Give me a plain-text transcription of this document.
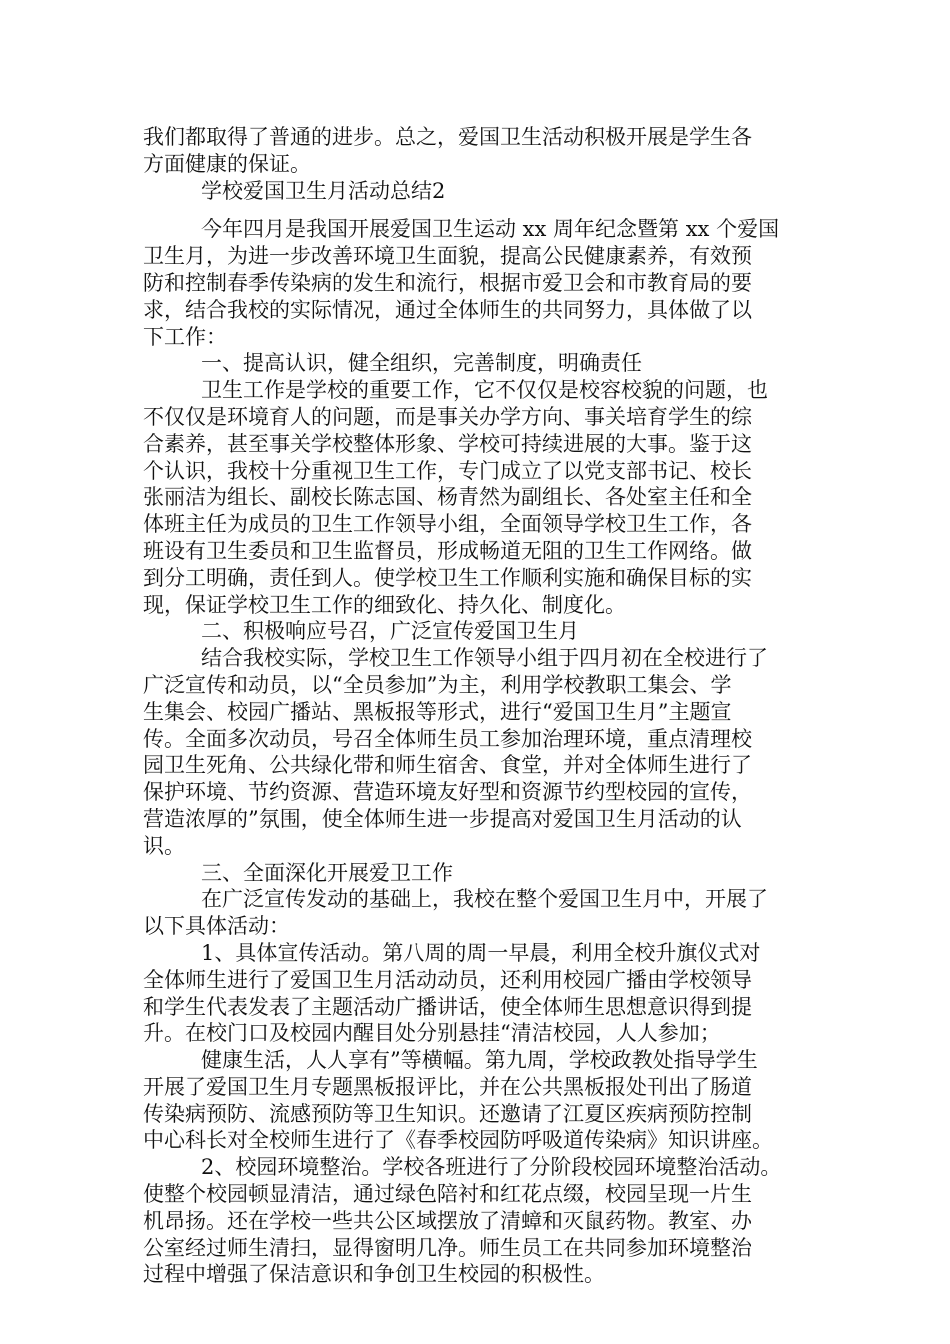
我们都取得了普通的进步。总之，爱国卫生活动积极开展是学生各
方面健康的保证。
学校爱国卫生月活动总结2
今年四月是我国开展爱国卫生运动 xx 周年纪念暨第 xx 个爱国
卫生月，为进一步改善环境卫生面貌，提高公民健康素养，有效预
防和控制春季传染病的发生和流行，根据市爱卫会和市教育局的要
求，结合我校的实际情况，通过全体师生的共同努力，具体做了以
下工作：
一、提高认识，健全组织，完善制度，明确责任
卫生工作是学校的重要工作，它不仅仅是校容校貌的问题，也
不仅仅是环境育人的问题，而是事关办学方向、事关培育学生的综
合素养，甚至事关学校整体形象、学校可持续进展的大事。鉴于这
个认识，我校十分重视卫生工作，专门成立了以党支部书记、校长
张丽洁为组长、副校长陈志国、杨青然为副组长、各处室主任和全
体班主任为成员的卫生工作领导小组，全面领导学校卫生工作，各
班设有卫生委员和卫生监督员，形成畅道无阻的卫生工作网络。做
到分工明确，责任到人。使学校卫生工作顺利实施和确保目标的实
现，保证学校卫生工作的细致化、持久化、制度化。
二、积极响应号召，广泛宣传爱国卫生月
结合我校实际，学校卫生工作领导小组于四月初在全校进行了
广泛宣传和动员，以“全员参加”为主，利用学校教职工集会、学
生集会、校园广播站、黑板报等形式，进行“爱国卫生月”主题宣
传。全面多次动员，号召全体师生员工参加治理环境，重点清理校
园卫生死角、公共绿化带和师生宿舍、食堂，并对全体师生进行了
保护环境、节约资源、营造环境友好型和资源节约型校园的宣传，
营造浓厚的”氛围，使全体师生进一步提高对爱国卫生月活动的认
识。
三、全面深化开展爱卫工作
在广泛宣传发动的基础上，我校在整个爱国卫生月中，开展了
以下具体活动：
1、具体宣传活动。第八周的周一早晨，利用全校升旗仪式对
全体师生进行了爱国卫生月活动动员，还利用校园广播由学校领导
和学生代表发表了主题活动广播讲话，使全体师生思想意识得到提
升。在校门口及校园内醒目处分别悬挂“清洁校园，人人参加；
健康生活，人人享有”等横幅。第九周，学校政教处指导学生
开展了爱国卫生月专题黑板报评比，并在公共黑板报处刊出了肠道
传染病预防、流感预防等卫生知识。还邀请了江夏区疾病预防控制
中心科长对全校师生进行了《春季校园防呼吸道传染病》知识讲座。
2、校园环境整治。学校各班进行了分阶段校园环境整治活动。
使整个校园顿显清洁，通过绿色陪衬和红花点缀，校园呈现一片生
机昂扬。还在学校一些共公区域摆放了清蟑和灭鼠药物。教室、办
公室经过师生清扫，显得窗明几净。师生员工在共同参加环境整治
过程中增强了保洁意识和争创卫生校园的积极性。
